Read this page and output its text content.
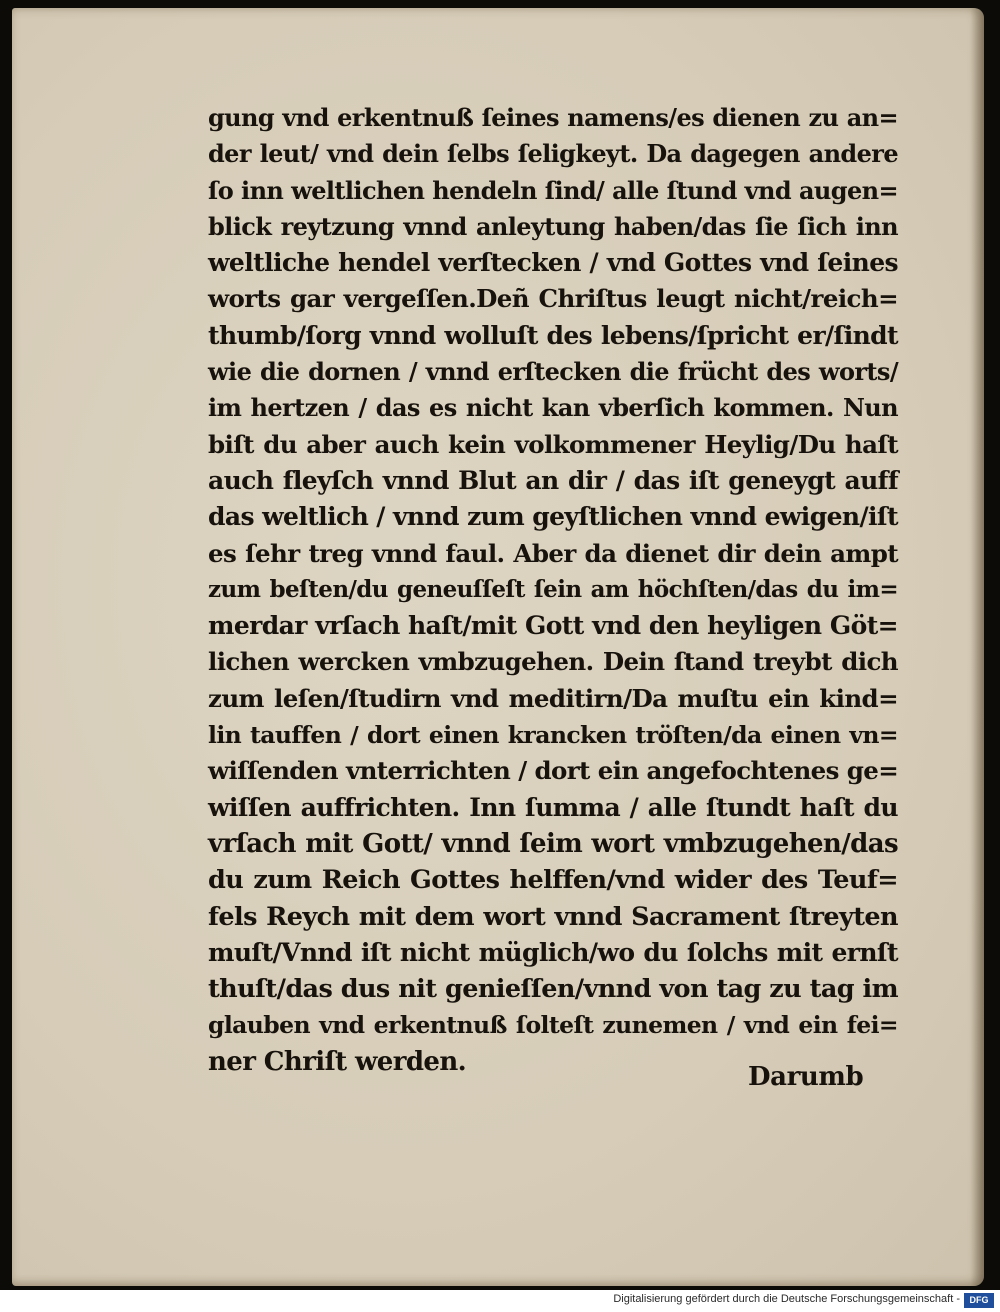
gung vnd erkentnuß ſeines namens/es dienen zu an=
der leut/ vnd dein ſelbs ſeligkeyt. Da dagegen andere
ſo inn weltlichen hendeln ſind/ alle ſtund vnd augen=
blick reytzung vnnd anleytung haben/das ſie ſich inn
weltliche hendel verſtecken / vnd Gottes vnd ſeines
worts gar vergeſſen.Deñ Chriſtus leugt nicht/reich=
thumb/ſorg vnnd wolluſt des lebens/ſpricht er/ſindt
wie die dornen / vnnd erſtecken die frücht des worts/
im hertzen / das es nicht kan vberſich kommen. Nun
biſt du aber auch kein volkommener Heylig/Du haſt
auch fleyſch vnnd Blut an dir / das iſt geneygt auff
das weltlich / vnnd zum geyſtlichen vnnd ewigen/iſt
es ſehr treg vnnd faul. Aber da dienet dir dein ampt
zum beſten/du geneuſſeſt ſein am höchſten/das du im=
merdar vrſach haſt/mit Gott vnd den heyligen Göt=
lichen wercken vmbzugehen. Dein ſtand treybt dich
zum leſen/ſtudirn vnd meditirn/Da muſtu ein kind=
lin tauffen / dort einen krancken tröſten/da einen vn=
wiſſenden vnterrichten / dort ein angefochtenes ge=
wiſſen auffrichten. Inn ſumma / alle ſtundt haſt du
vrſach mit Gott/ vnnd ſeim wort vmbzugehen/das
du zum Reich Gottes helffen/vnd wider des Teuf=
fels Reych mit dem wort vnnd Sacrament ſtreyten
muſt/Vnnd iſt nicht müglich/wo du ſolchs mit ernſt
thuſt/das dus nit genieſſen/vnnd von tag zu tag im
glauben vnd erkentnuß ſolteſt zunemen / vnd ein fei=
ner Chriſt werden.
Darumb
Digitalisierung gefördert durch die Deutsche Forschungsgemeinschaft -	DFG
